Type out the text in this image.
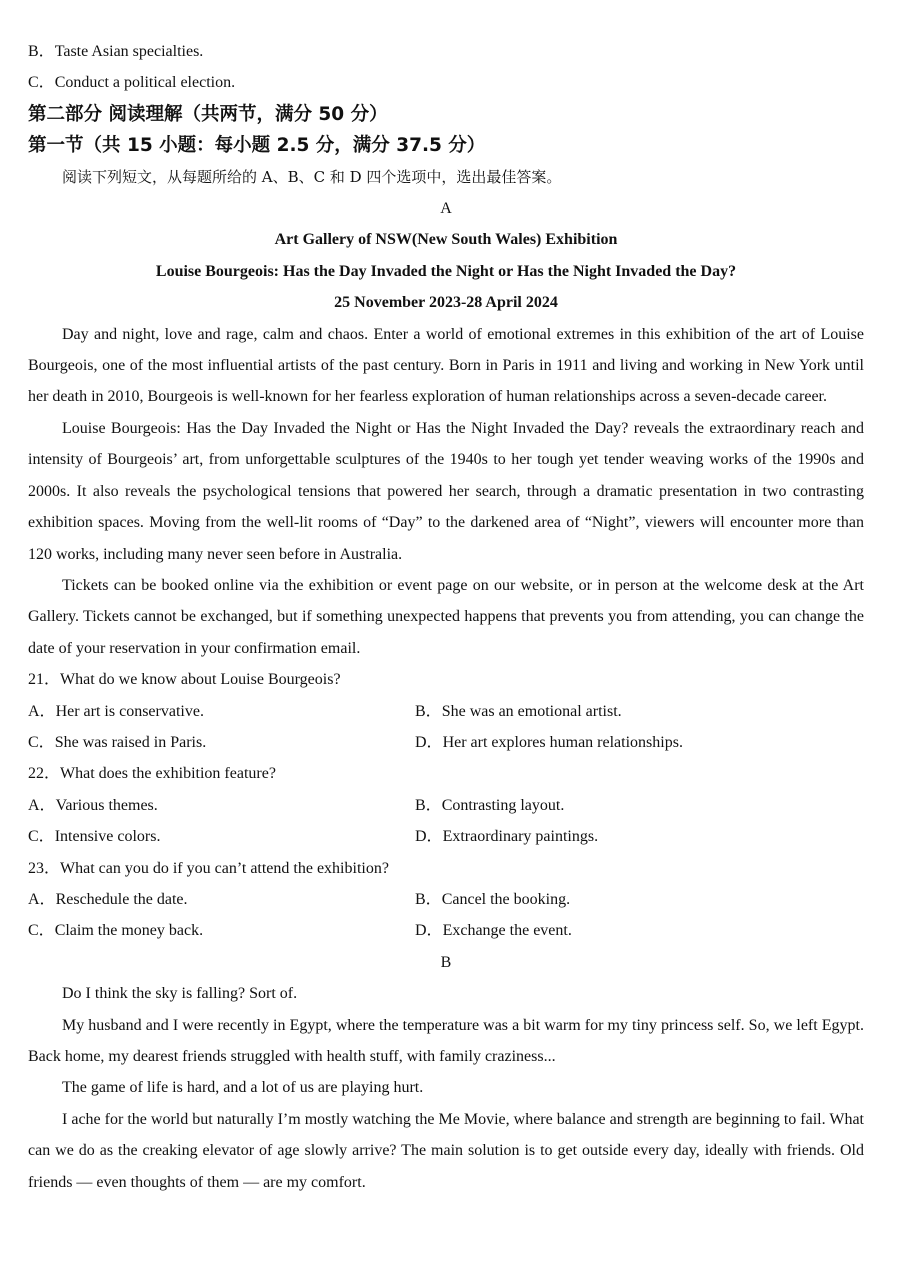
B．Taste Asian specialties.
C．Conduct a political election.
第二部分 阅读理解（共两节，满分 50 分）
第一节（共 15 小题：每小题 2.5 分，满分 37.5 分）
阅读下列短文，从每题所给的 A、B、C 和 D 四个选项中，选出最佳答案。
A
Art Gallery of NSW(New South Wales) Exhibition
Louise Bourgeois: Has the Day Invaded the Night or Has the Night Invaded the Day?
25 November 2023-28 April 2024

Day and night, love and rage, calm and chaos. Enter a world of emotional extremes in this exhibition of the art of Louise Bourgeois, one of the most influential artists of the past century. Born in Paris in 1911 and living and working in New York until her death in 2010, Bourgeois is well-known for her fearless exploration of human relationships across a seven-decade career.

Louise Bourgeois: Has the Day Invaded the Night or Has the Night Invaded the Day? reveals the extraordinary reach and intensity of Bourgeois’ art, from unforgettable sculptures of the 1940s to her tough yet tender weaving works of the 1990s and 2000s. It also reveals the psychological tensions that powered her search, through a dramatic presentation in two contrasting exhibition spaces. Moving from the well-lit rooms of “Day” to the darkened area of “Night”, viewers will encounter more than 120 works, including many never seen before in Australia.

Tickets can be booked online via the exhibition or event page on our website, or in person at the welcome desk at the Art Gallery. Tickets cannot be exchanged, but if something unexpected happens that prevents you from attending, you can change the date of your reservation in your confirmation email.

21．What do we know about Louise Bourgeois?
A．Her art is conservative.	B．She was an emotional artist.
C．She was raised in Paris.	D．Her art explores human relationships.
22．What does the exhibition feature?
A．Various themes.	B．Contrasting layout.
C．Intensive colors.	D．Extraordinary paintings.
23．What can you do if you can’t attend the exhibition?
A．Reschedule the date.	B．Cancel the booking.
C．Claim the money back.	D．Exchange the event.
B

Do I think the sky is falling? Sort of.

My husband and I were recently in Egypt, where the temperature was a bit warm for my tiny princess self. So, we left Egypt. Back home, my dearest friends struggled with health stuff, with family craziness...

The game of life is hard, and a lot of us are playing hurt.

I ache for the world but naturally I’m mostly watching the Me Movie, where balance and strength are beginning to fail. What can we do as the creaking elevator of age slowly arrive? The main solution is to get outside every day, ideally with friends. Old friends — even thoughts of them — are my comfort.
